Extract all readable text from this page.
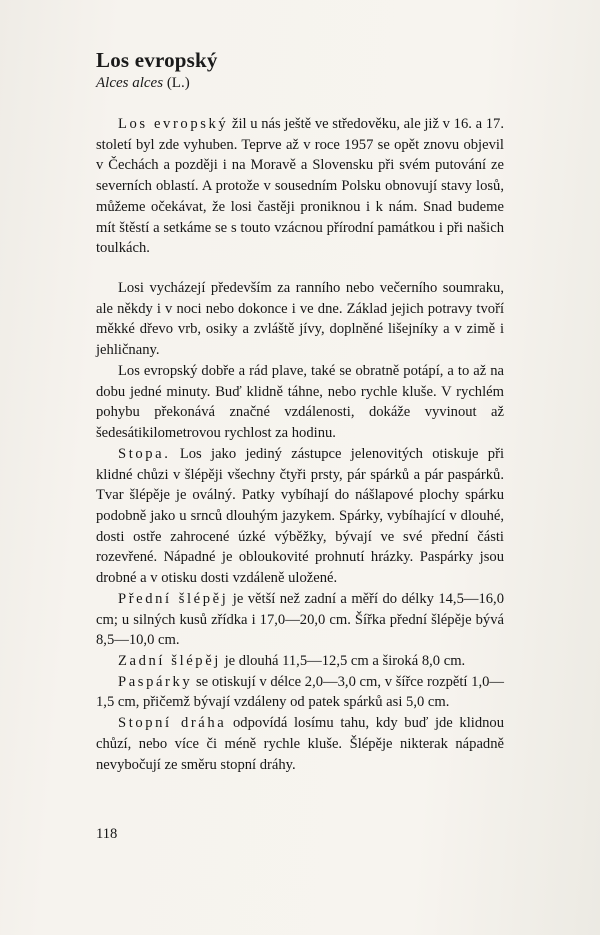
Los evropský
Alces alces (L.)

Los evropský žil u nás ještě ve středověku, ale již v 16. a 17. století byl zde vyhuben. Teprve až v roce 1957 se opět znovu objevil v Čechách a později i na Moravě a Slovensku při svém putování ze severních oblastí. A protože v sousedním Polsku obnovují stavy losů, můžeme očekávat, že losi častěji proniknou i k nám. Snad budeme mít štěstí a setkáme se s touto vzácnou přírodní památkou i při našich toulkách.

Losi vycházejí především za ranního nebo večerního soumraku, ale někdy i v noci nebo dokonce i ve dne. Základ jejich potravy tvoří měkké dřevo vrb, osiky a zvláště jívy, doplněné lišejníky a v zimě i jehličnany.

Los evropský dobře a rád plave, také se obratně potápí, a to až na dobu jedné minuty. Buď klidně táhne, nebo rychle kluše. V rychlém pohybu překonává značné vzdálenosti, dokáže vyvinout až šedesátikilometrovou rychlost za hodinu.

Stopa. Los jako jediný zástupce jelenovitých otiskuje při klidné chůzi v šlépěji všechny čtyři prsty, pár spárků a pár paspárků. Tvar šlépěje je oválný. Patky vybíhají do nášlapové plochy spárku podobně jako u srnců dlouhým jazykem. Spárky, vybíhající v dlouhé, dosti ostře zahrocené úzké výběžky, bývají ve své přední části rozevřené. Nápadné je obloukovité prohnutí hrázky. Paspárky jsou drobné a v otisku dosti vzdáleně uložené.

Přední šlépěj je větší než zadní a měří do délky 14,5—16,0 cm; u silných kusů zřídka i 17,0—20,0 cm. Šířka přední šlépěje bývá 8,5—10,0 cm.

Zadní šlépěj je dlouhá 11,5—12,5 cm a široká 8,0 cm.

Paspárky se otiskují v délce 2,0—3,0 cm, v šířce rozpětí 1,0—1,5 cm, přičemž bývají vzdáleny od patek spárků asi 5,0 cm.

Stopní dráha odpovídá losímu tahu, kdy buď jde klidnou chůzí, nebo více či méně rychle kluše. Šlépěje nikterak nápadně nevybočují ze směru stopní dráhy.

118
